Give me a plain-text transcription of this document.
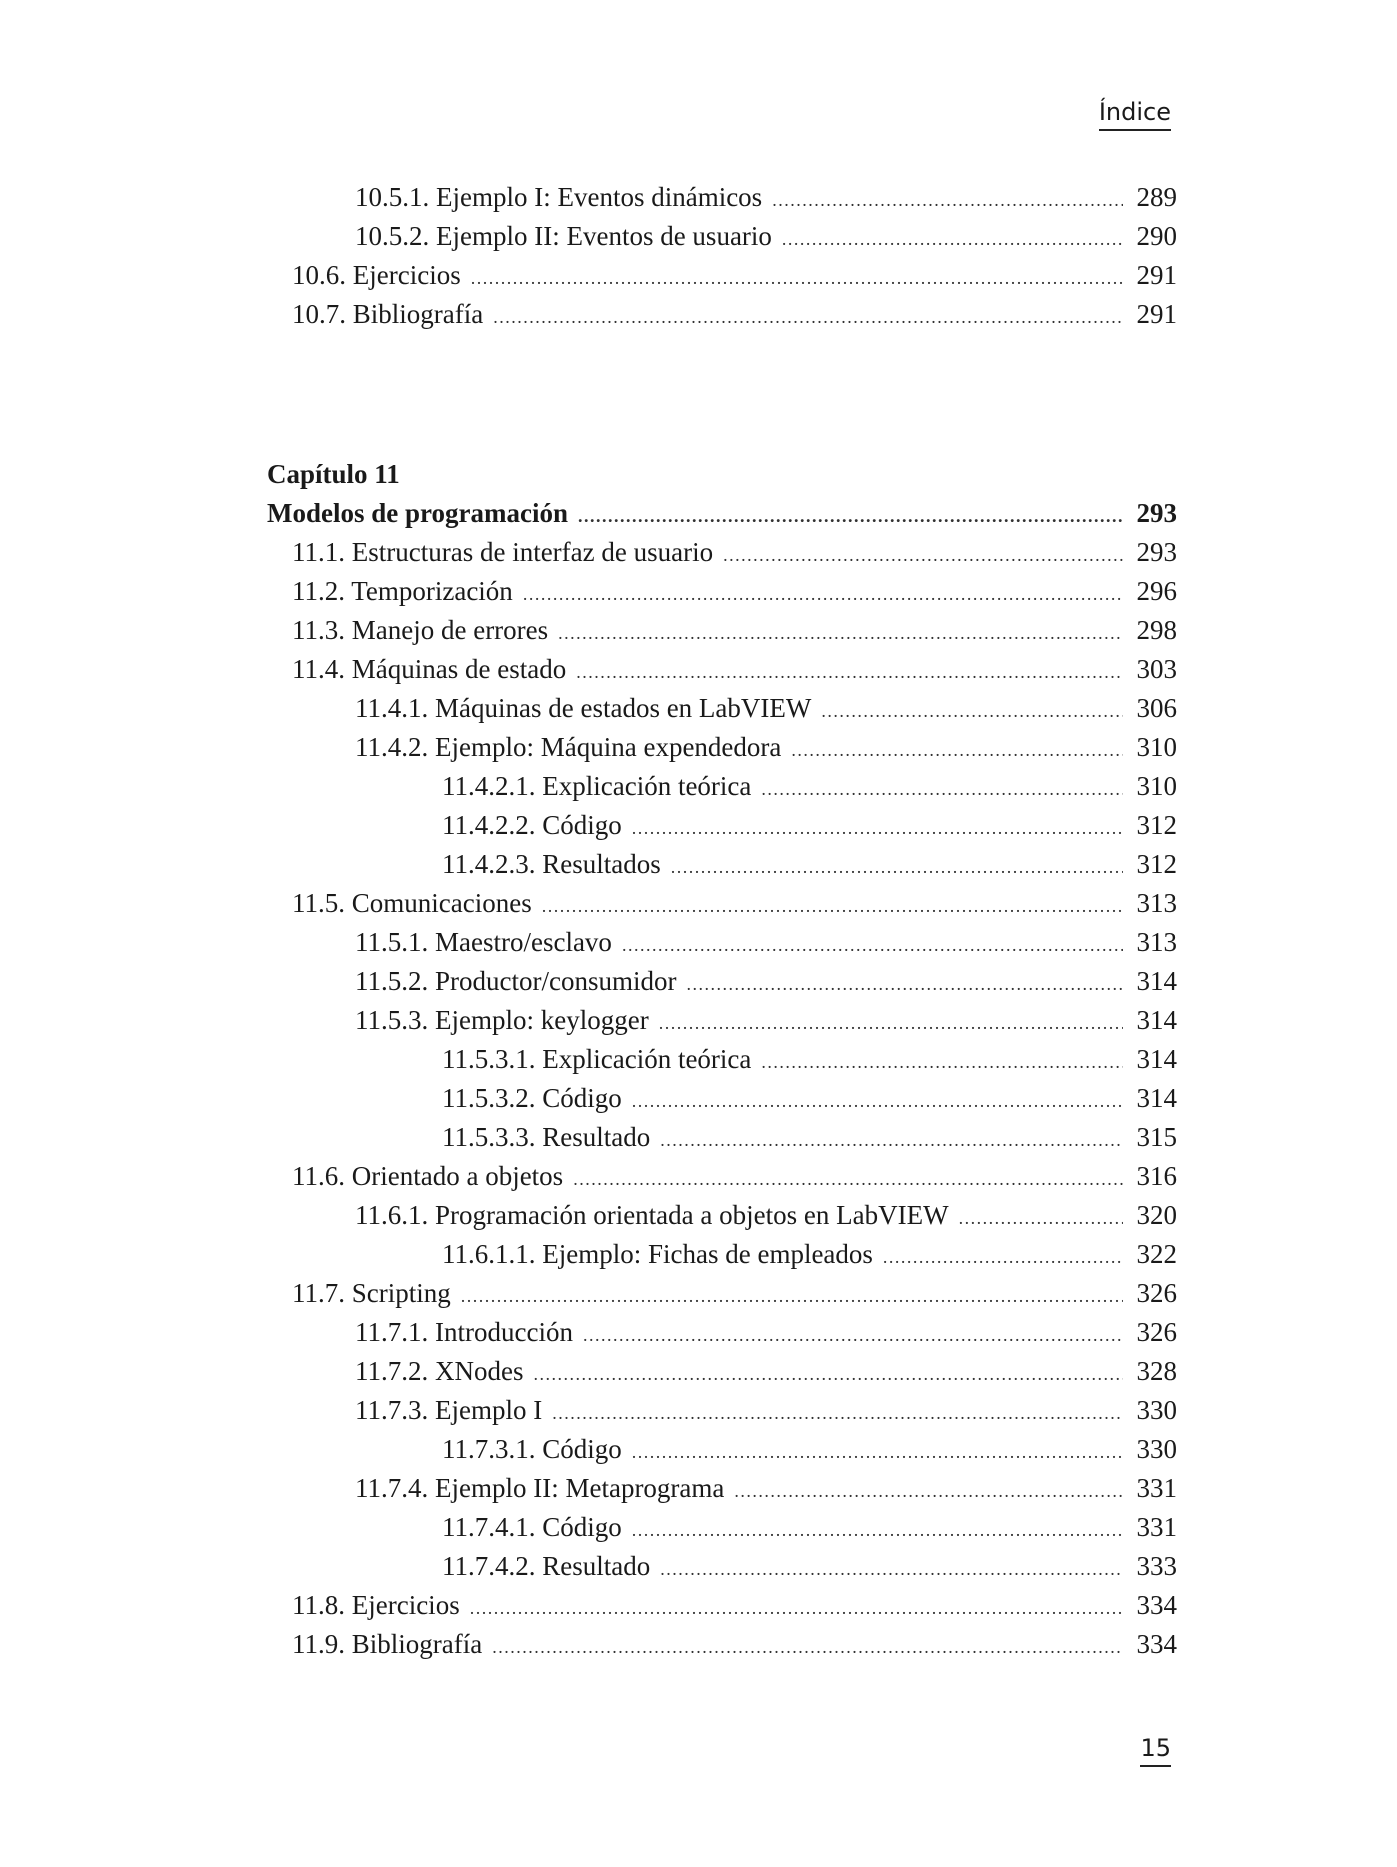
Índice
10.5.1. Ejemplo I: Eventos dinámicos .....	289
10.5.2. Ejemplo II: Eventos de usuario .....	290
10.6. Ejercicios .....	291
10.7. Bibliografía .....	291
Capítulo 11
Modelos de programación .....	293
11.1. Estructuras de interfaz de usuario .....	293
11.2. Temporización .....	296
11.3. Manejo de errores .....	298
11.4. Máquinas de estado .....	303
11.4.1. Máquinas de estados en LabVIEW .....	306
11.4.2. Ejemplo: Máquina expendedora .....	310
11.4.2.1. Explicación teórica .....	310
11.4.2.2. Código .....	312
11.4.2.3. Resultados .....	312
11.5. Comunicaciones .....	313
11.5.1. Maestro/esclavo .....	313
11.5.2. Productor/consumidor .....	314
11.5.3. Ejemplo: keylogger .....	314
11.5.3.1. Explicación teórica .....	314
11.5.3.2. Código .....	314
11.5.3.3. Resultado .....	315
11.6. Orientado a objetos .....	316
11.6.1. Programación orientada a objetos en LabVIEW .....	320
11.6.1.1. Ejemplo: Fichas de empleados .....	322
11.7. Scripting .....	326
11.7.1. Introducción .....	326
11.7.2. XNodes .....	328
11.7.3. Ejemplo I .....	330
11.7.3.1. Código .....	330
11.7.4. Ejemplo II: Metaprograma .....	331
11.7.4.1. Código .....	331
11.7.4.2. Resultado .....	333
11.8. Ejercicios .....	334
11.9. Bibliografía .....	334
15
